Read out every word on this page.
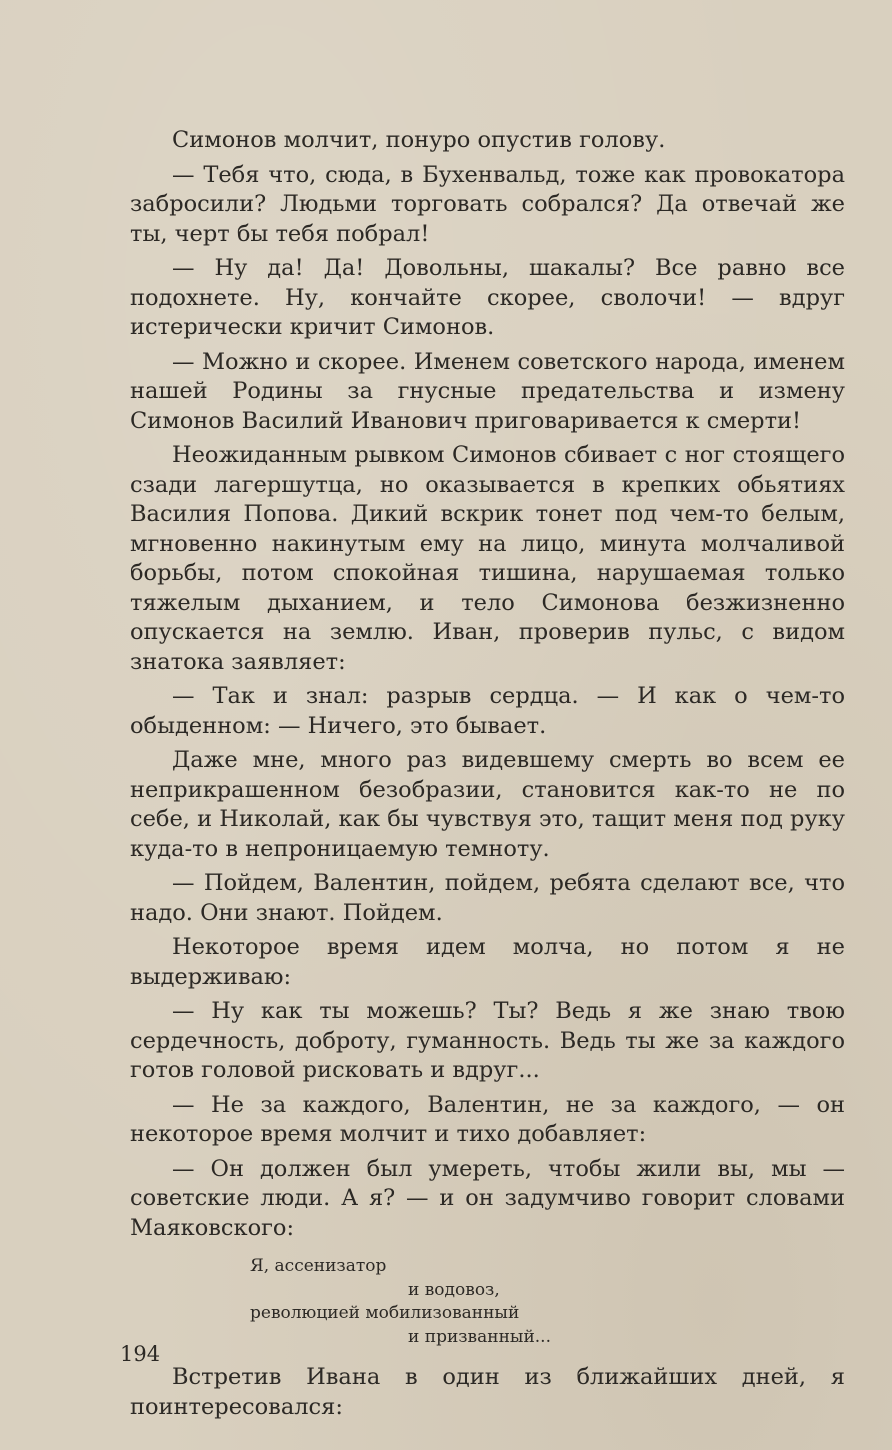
Симонов молчит, понуро опустив голову.

— Тебя что, сюда, в Бухенвальд, тоже как провокатора забросили? Людьми торговать собрался? Да отвечай же ты, черт бы тебя побрал!

— Ну да! Да! Довольны, шакалы? Все равно все подохнете. Ну, кончайте скорее, сволочи! — вдруг истерически кричит Симонов.

— Можно и скорее. Именем советского народа, именем нашей Родины за гнусные предательства и измену Симонов Василий Иванович приговаривается к смерти!

Неожиданным рывком Симонов сбивает с ног стоящего сзади лагершутца, но оказывается в крепких обьятиях Василия Попова. Дикий вскрик тонет под чем-то белым, мгновенно накинутым ему на лицо, минута молчаливой борьбы, потом спокойная тишина, нарушаемая только тяжелым дыханием, и тело Симонова безжизненно опускается на землю. Иван, проверив пульс, с видом знатока заявляет:

— Так и знал: разрыв сердца. — И как о чем-то обыденном: — Ничего, это бывает.

Даже мне, много раз видевшему смерть во всем ее неприкрашенном безобразии, становится как-то не по себе, и Николай, как бы чувствуя это, тащит меня под руку куда-то в непроницаемую темноту.

— Пойдем, Валентин, пойдем, ребята сделают все, что надо. Они знают. Пойдем.

Некоторое время идем молча, но потом я не выдерживаю:

— Ну как ты можешь? Ты? Ведь я же знаю твою сердечность, доброту, гуманность. Ведь ты же за каждого готов головой рисковать и вдруг...

— Не за каждого, Валентин, не за каждого, — он некоторое время молчит и тихо добавляет:

— Он должен был умереть, чтобы жили вы, мы — советские люди. А я? — и он задумчиво говорит словами Маяковского:

Я, ассенизатор
и водовоз,
революцией мобилизованный
и призванный...

Встретив Ивана в один из ближайших дней, я поинтересовался:

194
